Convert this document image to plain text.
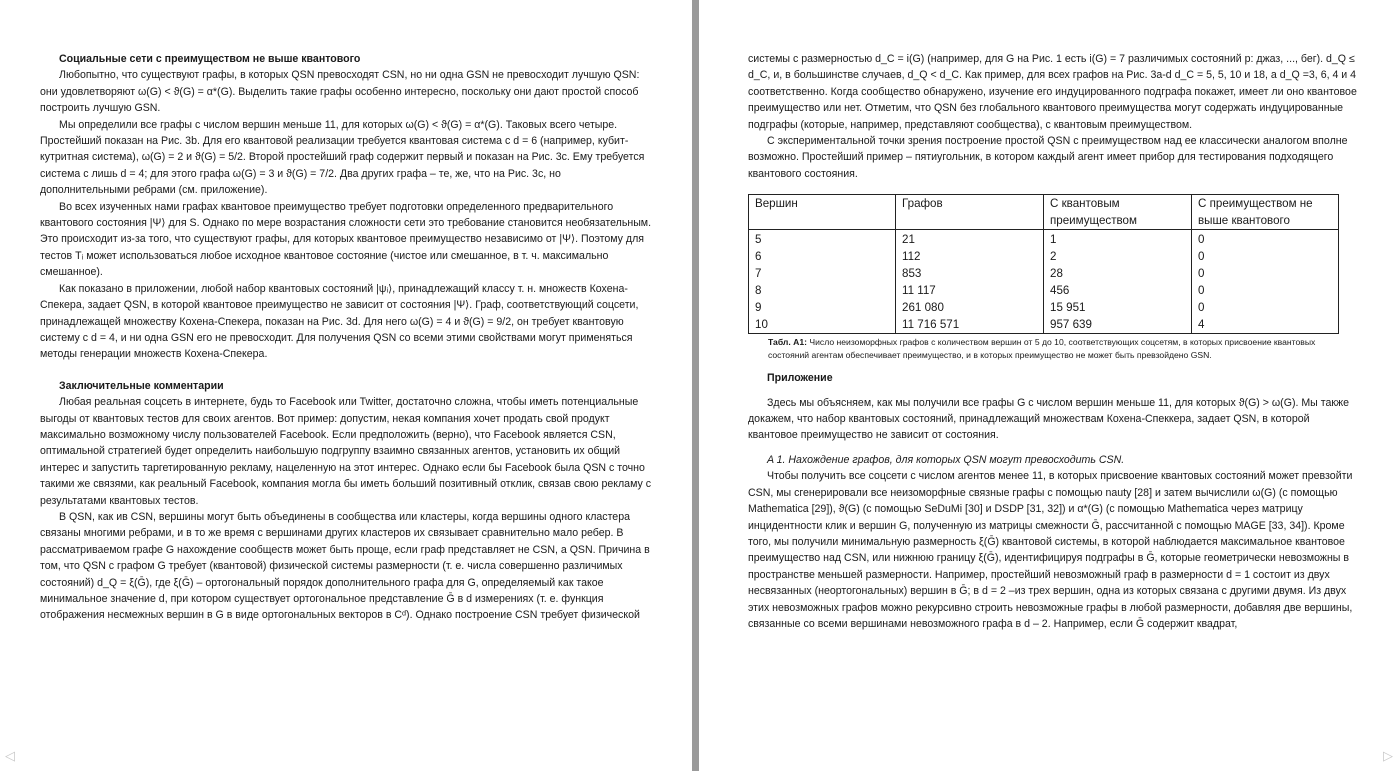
Социальные сети с преимуществом не выше квантового

Любопытно, что существуют графы, в которых QSN превосходят CSN, но ни одна GSN не превосходит лучшую QSN: они удовлетворяют ω(G) < ϑ(G) = α*(G). Выделить такие графы особенно интересно, поскольку они дают простой способ построить лучшую GSN.

Мы определили все графы с числом вершин меньше 11, для которых ω(G) < ϑ(G) = α*(G). Таковых всего четыре. Простейший показан на Рис. 3b. Для его квантовой реализации требуется квантовая система с d = 6 (например, кубит-кутритная система), ω(G) = 2 и ϑ(G) = 5/2. Второй простейший граф содержит первый и показан на Рис. 3c. Ему требуется система с лишь d = 4; для этого графа ω(G) = 3 и ϑ(G) = 7/2. Два других графа – те, же, что на Рис. 3c, но дополнительными ребрами (см. приложение).

Во всех изученных нами графах квантовое преимущество требует подготовки определенного предварительного квантового состояния |Ψ⟩ для S. Однако по мере возрастания сложности сети это требование становится необязательным. Это происходит из-за того, что существуют графы, для которых квантовое преимущество независимо от |Ψ⟩. Поэтому для тестов Tᵢ может использоваться любое исходное квантовое состояние (чистое или смешанное, в т. ч. максимально смешанное).

Как показано в приложении, любой набор квантовых состояний |ψᵢ⟩, принадлежащий классу т. н. множеств Кохена-Спекера, задает QSN, в которой квантовое преимущество не зависит от состояния |Ψ⟩. Граф, соответствующий соцсети, принадлежащей множеству Кохена-Спекера, показан на Рис. 3d. Для него ω(G) = 4 и ϑ(G) = 9/2, он требует квантовую систему с d = 4, и ни одна GSN его не превосходит. Для получения QSN со всеми этими свойствами могут применяться методы генерации множеств Кохена-Спекера.

Заключительные комментарии

Любая реальная соцсеть в интернете, будь то Facebook или Twitter, достаточно сложна, чтобы иметь потенциальные выгоды от квантовых тестов для своих агентов. Вот пример: допустим, некая компания хочет продать свой продукт максимально возможному числу пользователей Facebook. Если предположить (верно), что Facebook является CSN, оптимальной стратегией будет определить наибольшую подгруппу взаимно связанных агентов, установить их общий интерес и запустить таргетированную рекламу, нацеленную на этот интерес. Однако если бы Facebook была QSN с точно такими же связями, как реальный Facebook, компания могла бы иметь больший позитивный отклик, связав свою рекламу с результатами квантовых тестов.

В QSN, как ив CSN, вершины могут быть объединены в сообщества или кластеры, когда вершины одного кластера связаны многими ребрами, и в то же время с вершинами других кластеров их связывает сравнительно мало ребер. В рассматриваемом графе G нахождение сообществ может быть проще, если граф представляет не CSN, а QSN. Причина в том, что QSN с графом G требует (квантовой) физической системы размерности (т. е. числа совершенно различимых состояний) d_Q = ξ(Ḡ), где ξ(Ḡ) – ортогональный порядок дополнительного графа для G, определяемый как такое минимальное значение d, при котором существует ортогональное представление Ḡ в d измерениях (т. е. функция отображения несмежных вершин в G в виде ортогональных векторов в Cᵈ). Однако построение CSN требует физической

системы с размерностью d_C = i(G) (например, для G на Рис. 1 есть i(G) = 7 различимых состояний p: джаз, ..., бег). d_Q ≤ d_C, и, в большинстве случаев, d_Q < d_C. Как пример, для всех графов на Рис. 3а-d d_C = 5, 5, 10 и 18, а d_Q =3, 6, 4 и 4 соответственно. Когда сообщество обнаружено, изучение его индуцированного подграфа покажет, имеет ли оно квантовое преимущество или нет. Отметим, что QSN без глобального квантового преимущества могут содержать индуцированные подграфы (которые, например, представляют сообщества), с квантовым преимуществом.

С экспериментальной точки зрения построение простой QSN с преимуществом над ее классически аналогом вполне возможно. Простейший пример – пятиугольник, в котором каждый агент имеет прибор для тестирования подходящего квантового состояния.

Вершин	Графов	С квантовым преимуществом	С преимуществом не выше квантового
5	21	1	0
6	112	2	0
7	853	28	0
8	11 117	456	0
9	261 080	15 951	0
10	11 716 571	957 639	4
Табл. A1: Число неизоморфных графов с количеством вершин от 5 до 10, соответствующих соцсетям, в которых присвоение квантовых состояний агентам обеспечивает преимущество, и в которых преимущество не может быть превзойдено GSN.
Приложение

Здесь мы объясняем, как мы получили все графы G с числом вершин меньше 11, для которых ϑ(G) > ω(G). Мы также докажем, что набор квантовых состояний, принадлежащий множествам Кохена-Спеккера, задает QSN, в которой квантовое преимущество не зависит от состояния.

A 1. Нахождение графов, для которых QSN могут превосходить CSN.

Чтобы получить все соцсети с числом агентов менее 11, в которых присвоение квантовых состояний может превзойти CSN, мы сгенерировали все неизоморфные связные графы с помощью nauty [28] и затем вычислили ω(G) (с помощью Mathematica [29]), ϑ(G) (с помощью SeDuMi [30] и DSDP [31, 32]) и α*(G) (с помощью Mathematica через матрицу инцидентности клик и вершин G, полученную из матрицы смежности Ḡ, рассчитанной с помощью MAGE [33, 34]). Кроме того, мы получили минимальную размерность ξ(Ḡ) квантовой системы, в которой наблюдается максимальное квантовое преимущество над CSN, или нижнюю границу ξ(Ḡ), идентифицируя подграфы в Ḡ, которые геометрически невозможны в пространстве меньшей размерности. Например, простейший невозможный граф в размерности d = 1 состоит из двух несвязанных (неортогональных) вершин в Ḡ; в d = 2 –из трех вершин, одна из которых связана с другими двумя. Из двух этих невозможных графов можно рекурсивно строить невозможные графы в любой размерности, добавляя две вершины, связанные со всеми вершинами невозможного графа в d – 2. Например, если Ḡ содержит квадрат,

◁	▷
